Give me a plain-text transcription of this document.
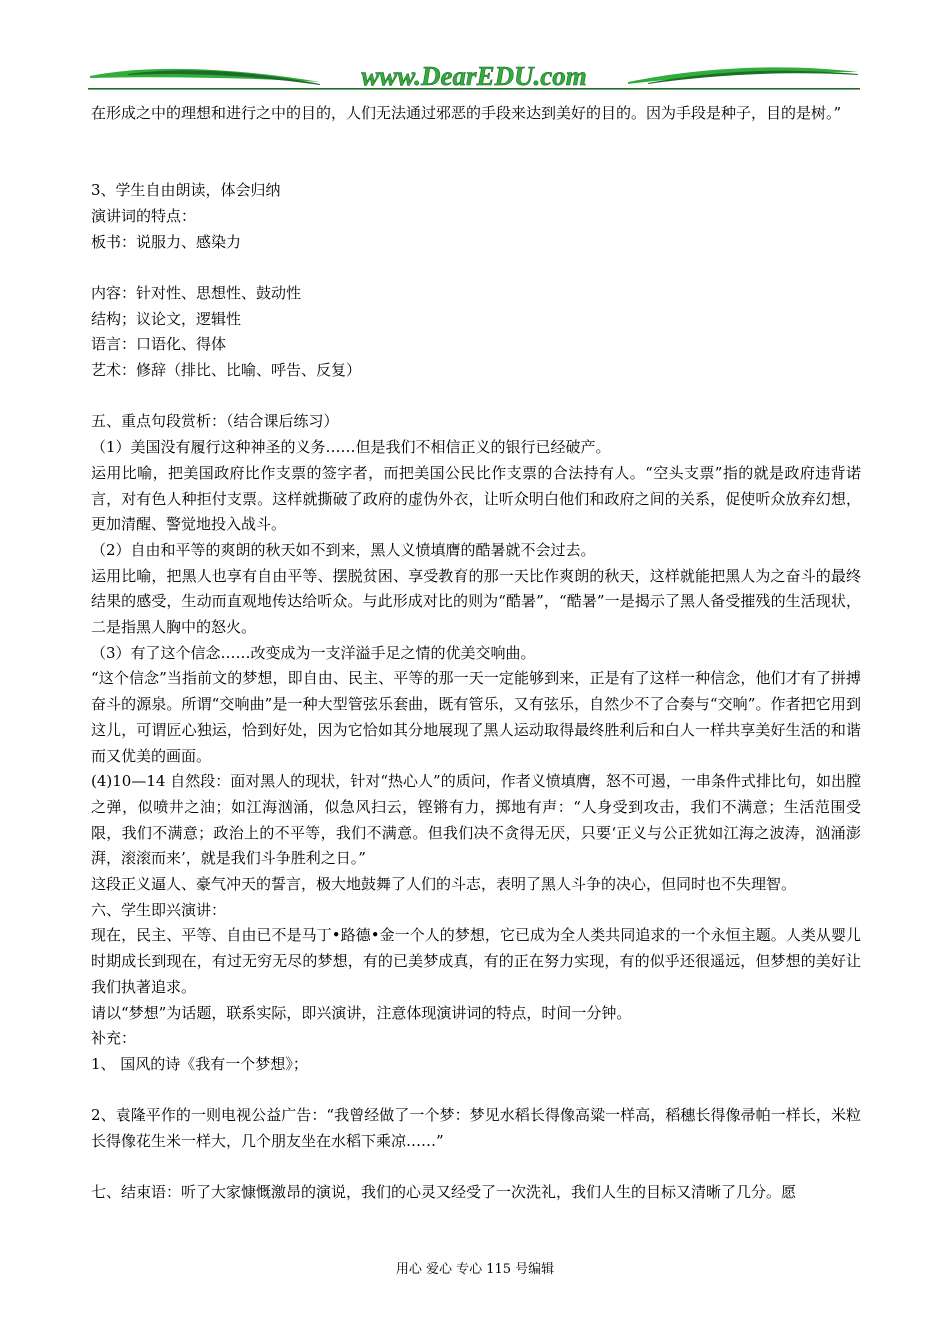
www.DearEDU.com

在形成之中的理想和进行之中的目的，人们无法通过邪恶的手段来达到美好的目的。因为手段是种子，目的是树。”

3、学生自由朗读，体会归纳

演讲词的特点：

板书：说服力、感染力

内容：针对性、思想性、鼓动性

结构；议论文，逻辑性

语言：口语化、得体

艺术：修辞（排比、比喻、呼告、反复）

五、重点句段赏析：（结合课后练习）

（1）美国没有履行这种神圣的义务……但是我们不相信正义的银行已经破产。

运用比喻，把美国政府比作支票的签字者，而把美国公民比作支票的合法持有人。“空头支票”指的就是政府违背诺言，对有色人种拒付支票。这样就撕破了政府的虚伪外衣，让听众明白他们和政府之间的关系，促使听众放弃幻想，更加清醒、警觉地投入战斗。

（2）自由和平等的爽朗的秋天如不到来，黑人义愤填膺的酷暑就不会过去。

运用比喻，把黑人也享有自由平等、摆脱贫困、享受教育的那一天比作爽朗的秋天，这样就能把黑人为之奋斗的最终结果的感受，生动而直观地传达给听众。与此形成对比的则为“酷暑”，“酷暑”一是揭示了黑人备受摧残的生活现状，二是指黑人胸中的怒火。

（3）有了这个信念……改变成为一支洋溢手足之情的优美交响曲。

“这个信念”当指前文的梦想，即自由、民主、平等的那一天一定能够到来，正是有了这样一种信念，他们才有了拼搏奋斗的源泉。所谓“交响曲”是一种大型管弦乐套曲，既有管乐，又有弦乐，自然少不了合奏与“交响”。作者把它用到这儿，可谓匠心独运，恰到好处，因为它恰如其分地展现了黑人运动取得最终胜利后和白人一样共享美好生活的和谐而又优美的画面。

(4)10—14 自然段：面对黑人的现状，针对“热心人”的质问，作者义愤填膺，怒不可遏，一串条件式排比句，如出膛之弹，似喷井之油；如江海汹涌，似急风扫云，铿锵有力，掷地有声：“人身受到攻击，我们不满意；生活范围受限，我们不满意；政治上的不平等，我们不满意。但我们决不贪得无厌，只要‘正义与公正犹如江海之波涛，汹涌澎湃，滚滚而来’，就是我们斗争胜利之日。”

这段正义逼人、豪气冲天的誓言，极大地鼓舞了人们的斗志，表明了黑人斗争的决心，但同时也不失理智。

六、学生即兴演讲：

现在，民主、平等、自由已不是马丁•路德•金一个人的梦想，它已成为全人类共同追求的一个永恒主题。人类从婴儿时期成长到现在，有过无穷无尽的梦想，有的已美梦成真，有的正在努力实现，有的似乎还很遥远，但梦想的美好让我们执著追求。

请以“梦想”为话题，联系实际，即兴演讲，注意体现演讲词的特点，时间一分钟。

补充：

1、 国风的诗《我有一个梦想》；

2、袁隆平作的一则电视公益广告：“我曾经做了一个梦：梦见水稻长得像高粱一样高，稻穗长得像帚帕一样长，米粒长得像花生米一样大，几个朋友坐在水稻下乘凉……”

七、结束语：听了大家慷慨激昂的演说，我们的心灵又经受了一次洗礼，我们人生的目标又清晰了几分。愿

用心 爱心 专心 115 号编辑
